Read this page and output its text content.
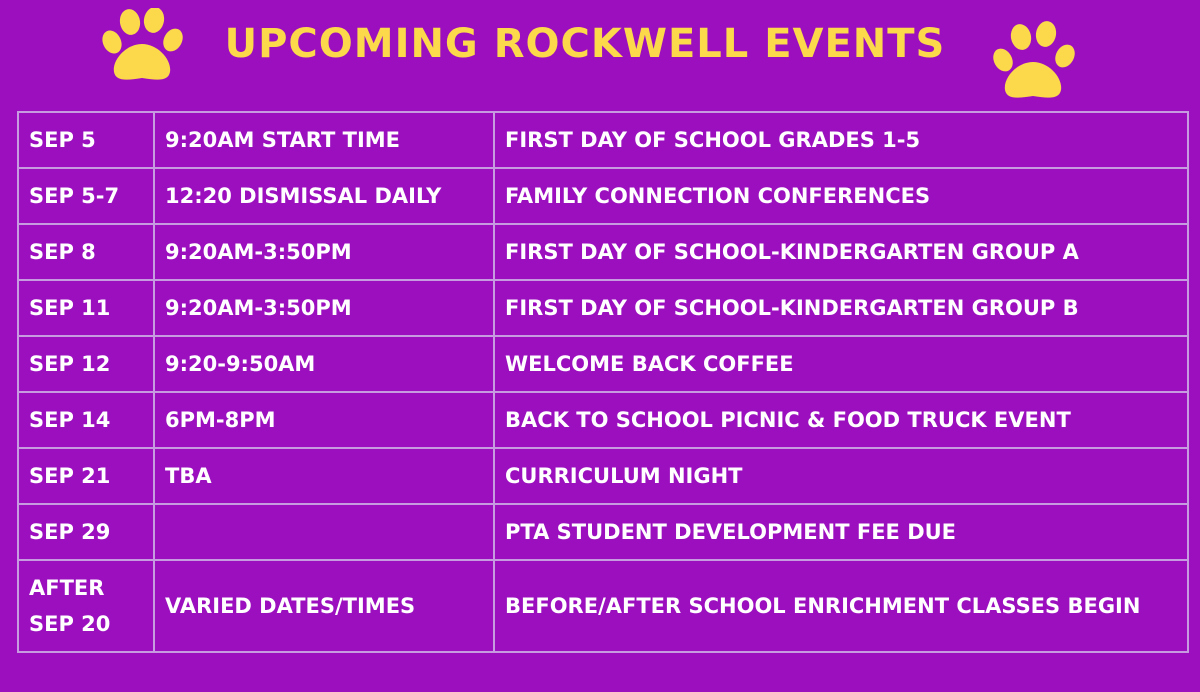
UPCOMING ROCKWELL EVENTS
SEP 5	9:20AM START TIME	FIRST DAY OF SCHOOL GRADES 1-5
SEP 5-7	12:20 DISMISSAL DAILY	FAMILY CONNECTION CONFERENCES
SEP 8	9:20AM-3:50PM	FIRST DAY OF SCHOOL-KINDERGARTEN GROUP A
SEP 11	9:20AM-3:50PM	FIRST DAY OF SCHOOL-KINDERGARTEN GROUP B
SEP 12	9:20-9:50AM	WELCOME BACK COFFEE
SEP 14	6PM-8PM	BACK TO SCHOOL PICNIC & FOOD TRUCK EVENT
SEP 21	TBA	CURRICULUM NIGHT
SEP 29		PTA STUDENT DEVELOPMENT FEE DUE
AFTER SEP 20	VARIED DATES/TIMES	BEFORE/AFTER SCHOOL ENRICHMENT CLASSES BEGIN
